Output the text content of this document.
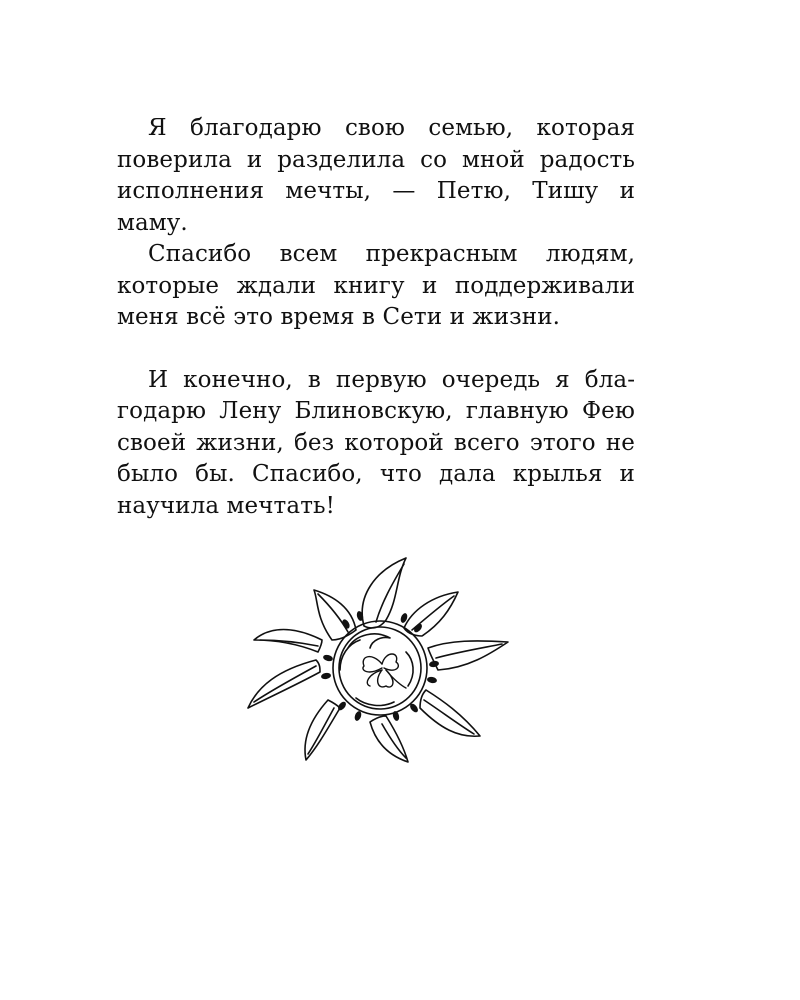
Я благодарю свою семью, которая поверила и разделила со мной радость исполнения мечты, — Петю, Тишу и маму.

Спасибо всем прекрасным людям, которые ждали книгу и поддерживали меня всё это время в Сети и жизни.

И конечно, в первую очередь я благодарю Лену Блиновскую, главную Фею своей жизни, без которой всего этого не было бы. Спасибо, что дала крылья и научила мечтать!
